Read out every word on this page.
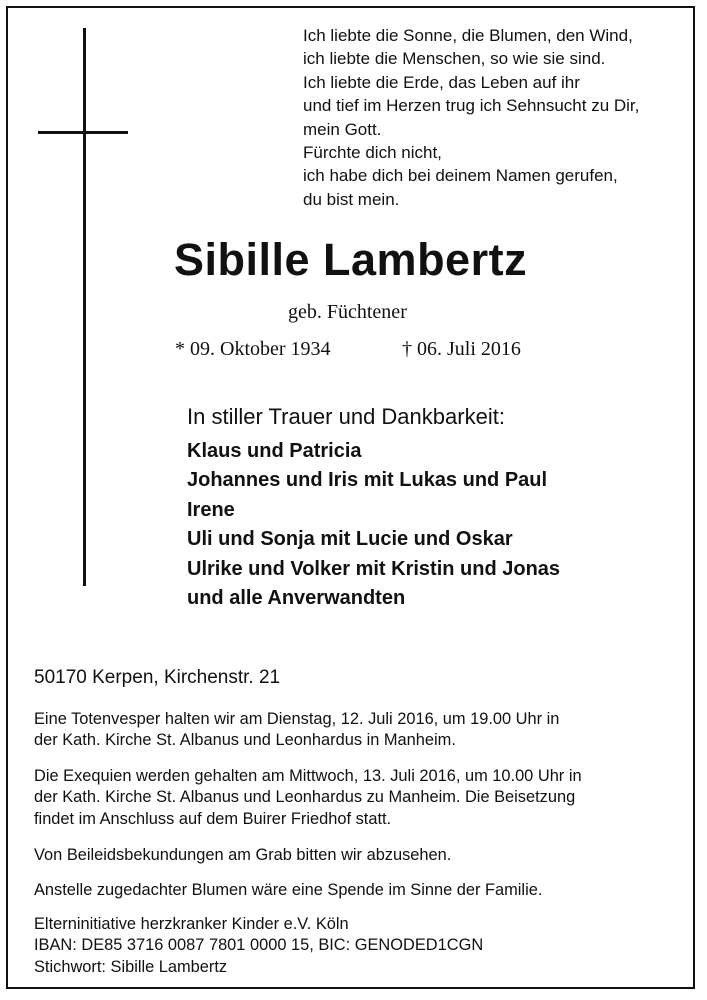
Ich liebte die Sonne, die Blumen, den Wind,
ich liebte die Menschen, so wie sie sind.
Ich liebte die Erde, das Leben auf ihr
und tief im Herzen trug ich Sehnsucht zu Dir,
mein Gott.
Fürchte dich nicht,
ich habe dich bei deinem Namen gerufen,
du bist mein.
Sibille Lambertz
geb. Füchtener
* 09. Oktober 1934	† 06. Juli 2016
In stiller Trauer und Dankbarkeit:
Klaus und Patricia
Johannes und Iris mit Lukas und Paul
Irene
Uli und Sonja mit Lucie und Oskar
Ulrike und Volker mit Kristin und Jonas
und alle Anverwandten
50170 Kerpen, Kirchenstr. 21
Eine Totenvesper halten wir am Dienstag, 12. Juli 2016, um 19.00 Uhr in
der Kath. Kirche St. Albanus und Leonhardus in Manheim.
Die Exequien werden gehalten am Mittwoch, 13. Juli 2016, um 10.00 Uhr in
der Kath. Kirche St. Albanus und Leonhardus zu Manheim. Die Beisetzung
findet im Anschluss auf dem Buirer Friedhof statt.
Von Beileidsbekundungen am Grab bitten wir abzusehen.
Anstelle zugedachter Blumen wäre eine Spende im Sinne der Familie.
Elterninitiative herzkranker Kinder e.V. Köln
IBAN: DE85 3716 0087 7801 0000 15, BIC: GENODED1CGN
Stichwort: Sibille Lambertz
